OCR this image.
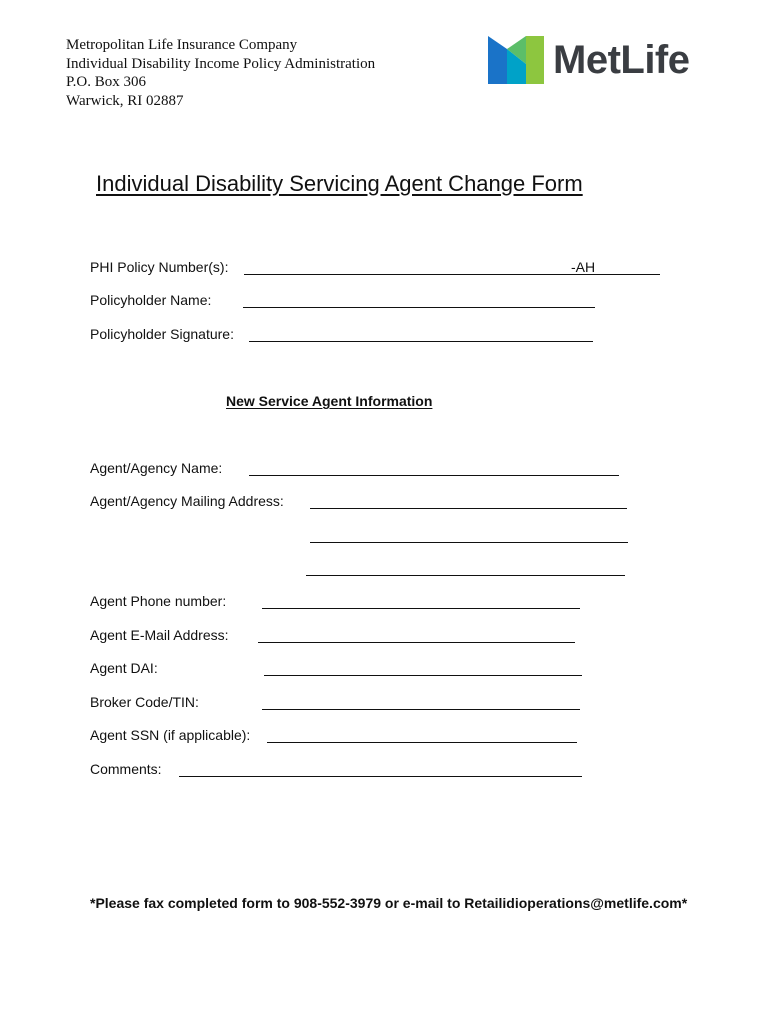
Metropolitan Life Insurance Company
Individual Disability Income Policy Administration
P.O. Box 306
Warwick, RI 02887
MetLife
Individual Disability Servicing Agent Change Form
PHI Policy Number(s):	-AH
Policyholder Name:
Policyholder Signature:
New Service Agent Information
Agent/Agency Name:
Agent/Agency Mailing Address:
Agent Phone number:
Agent E-Mail Address:
Agent DAI:
Broker Code/TIN:
Agent SSN (if applicable):
Comments:
*Please fax completed form to 908-552-3979 or e-mail to Retailidioperations@metlife.com*
